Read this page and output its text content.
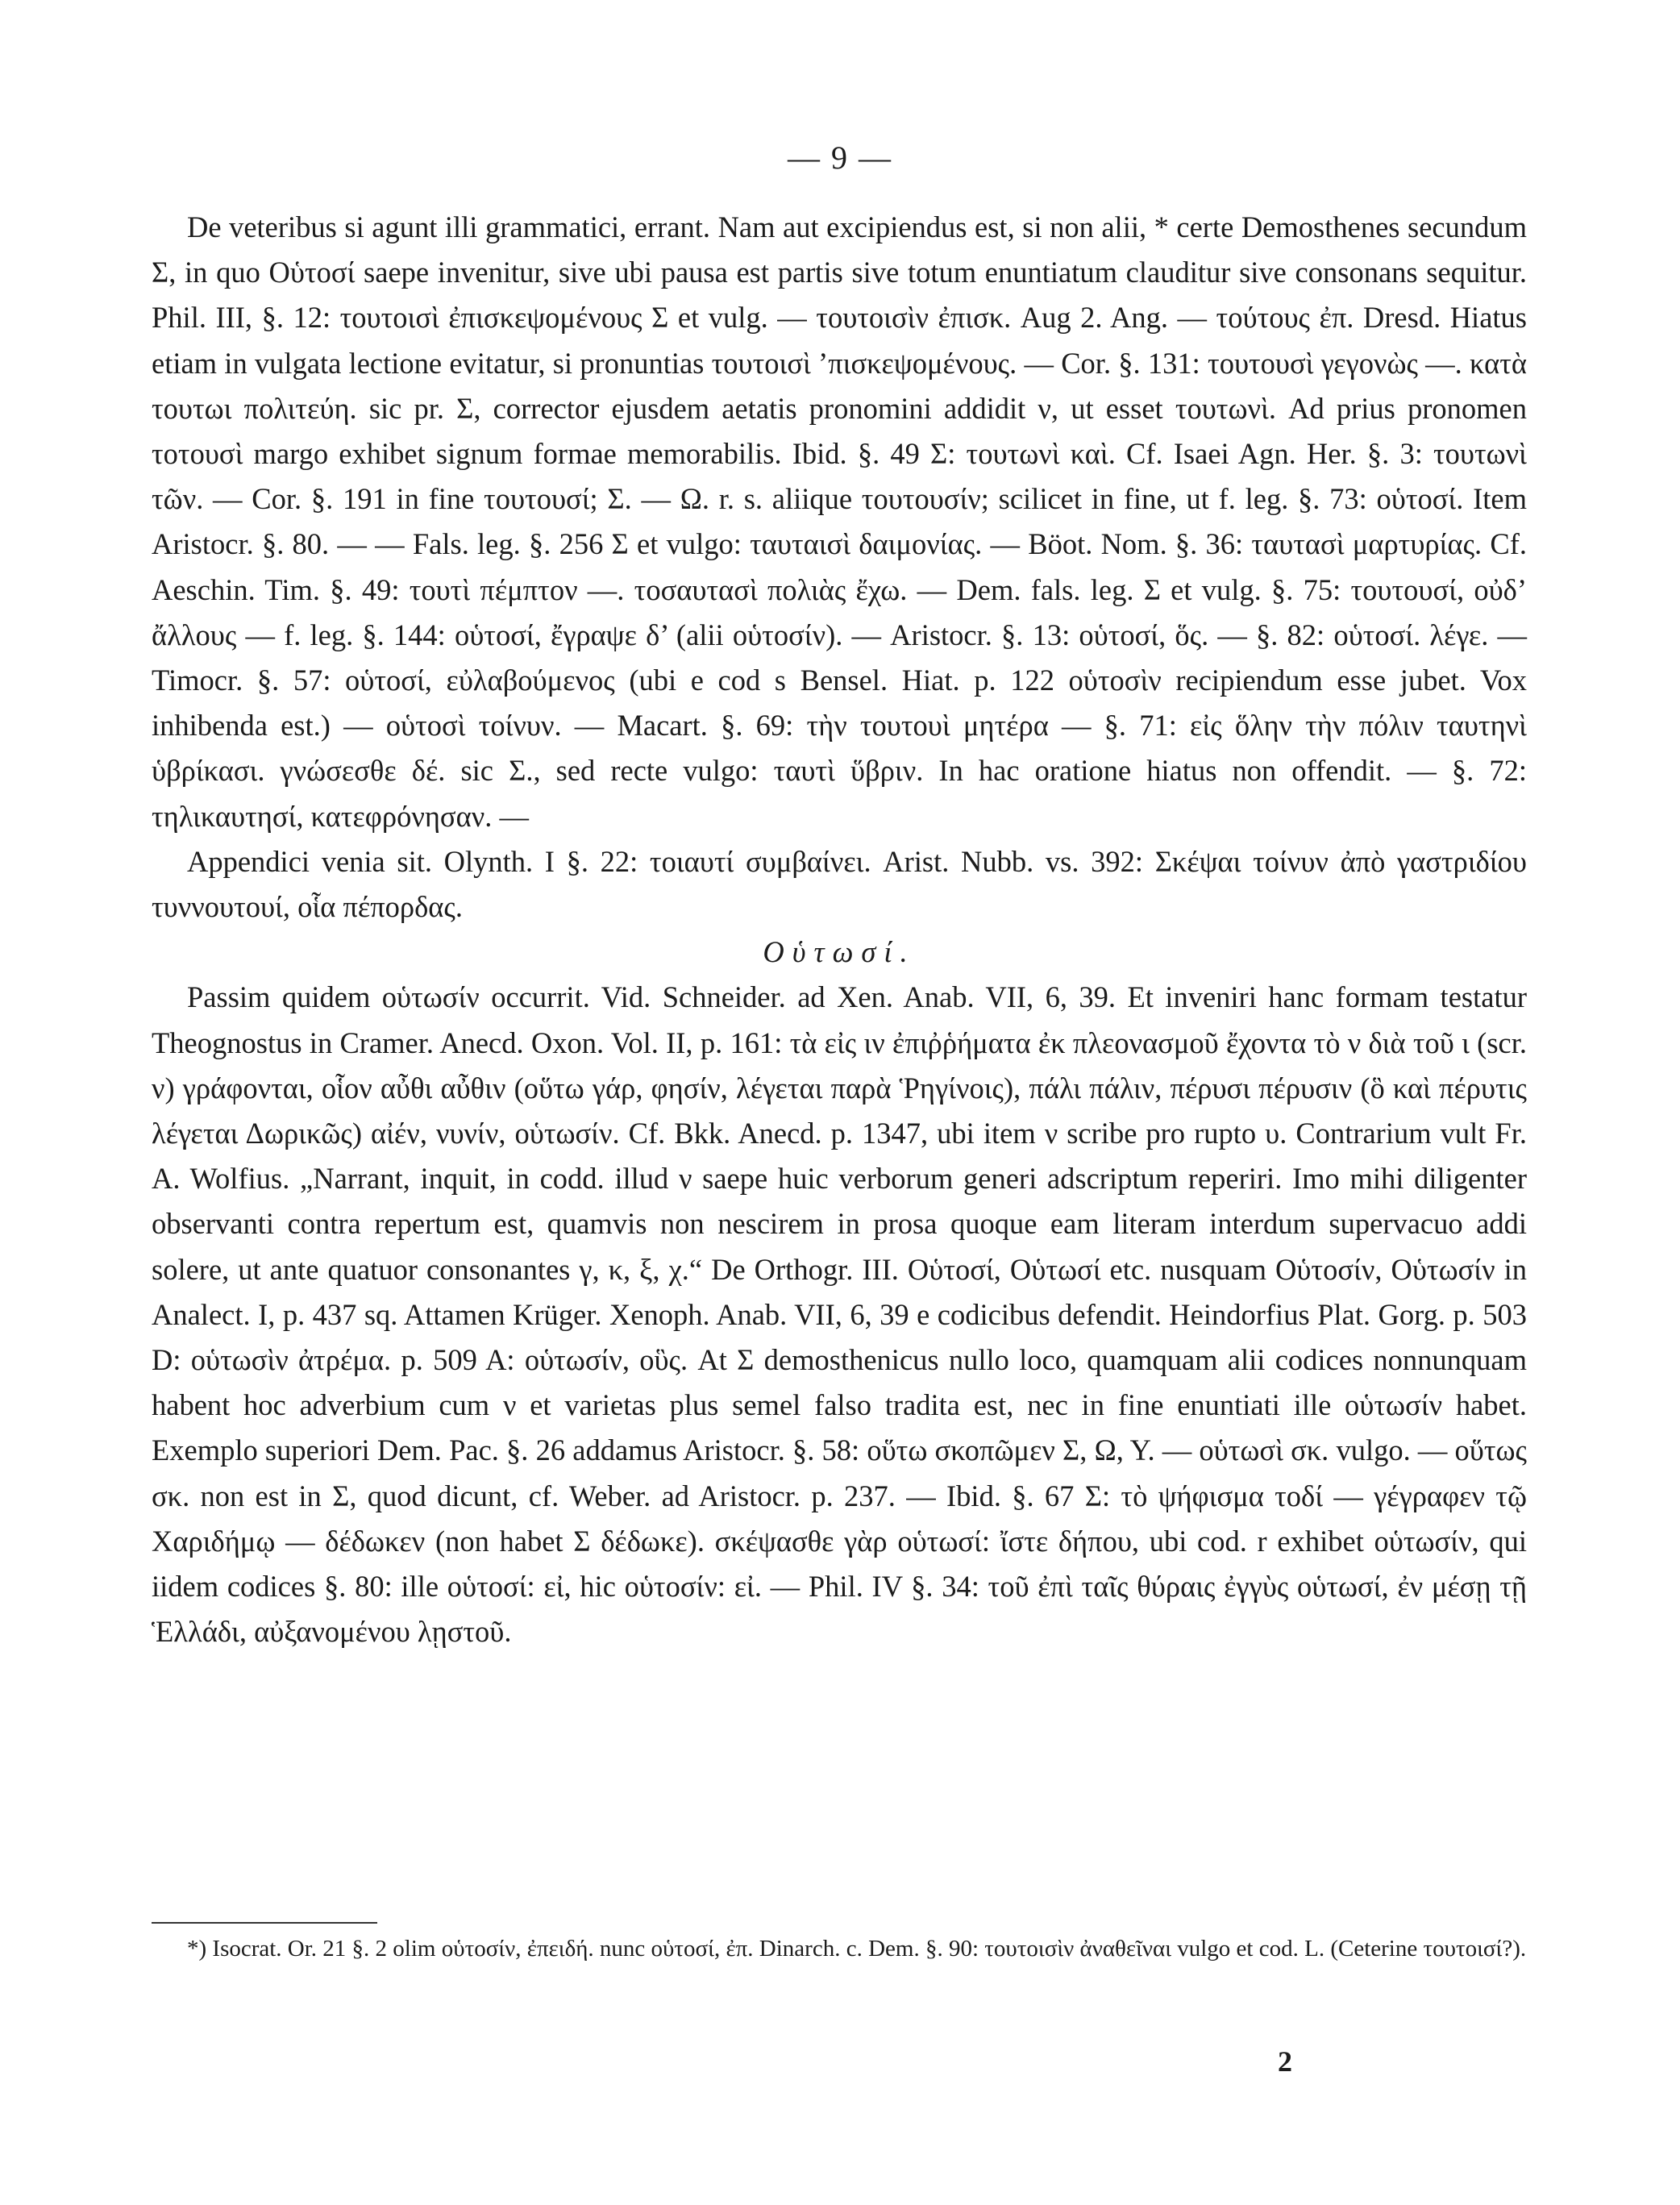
— 9 —

De veteribus si agunt illi grammatici, errant. Nam aut excipiendus est, si non alii, * certe Demosthenes secundum Σ, in quo Οὑτοσί saepe invenitur, sive ubi pausa est partis sive totum enuntiatum clauditur sive consonans sequitur. Phil. III, §. 12: τουτοισὶ ἐπισκεψομένους Σ et vulg. — τουτοισὶν ἐπισκ. Aug 2. Ang. — τούτους ἐπ. Dresd. Hiatus etiam in vulgata lectione evitatur, si pronuntias τουτοισὶ ’πισκεψομένους. — Cor. §. 131: τουτουσὶ γεγονὼς —. κατὰ τουτωι πολιτεύη. sic pr. Σ, corrector ejusdem aetatis pronomini addidit ν, ut esset τουτωνὶ. Ad prius pronomen τοτουσὶ margo exhibet signum formae memorabilis. Ibid. §. 49 Σ: τουτωνὶ καὶ. Cf. Isaei Agn. Her. §. 3: τουτωνὶ τῶν. — Cor. §. 191 in fine τουτουσί; Σ. — Ω. r. s. aliique τουτουσίν; scilicet in fine, ut f. leg. §. 73: οὑτοσί. Item Aristocr. §. 80. — — Fals. leg. §. 256 Σ et vulgo: ταυταισὶ δαιμονίας. — Böot. Nom. §. 36: ταυτασὶ μαρτυρίας. Cf. Aeschin. Tim. §. 49: τουτὶ πέμπτον —. τοσαυτασὶ πολιὰς ἔχω. — Dem. fals. leg. Σ et vulg. §. 75: τουτουσί, οὐδ’ ἄλλους — f. leg. §. 144: οὑτοσί, ἔγραψε δ’ (alii οὑτοσίν). — Aristocr. §. 13: οὑτοσί, ὅς. — §. 82: οὑτοσί. λέγε. — Timocr. §. 57: οὑτοσί, εὐλαβούμενος (ubi e cod s Bensel. Hiat. p. 122 οὑτοσὶν recipiendum esse jubet. Vox inhibenda est.) — οὑτοσὶ τοίνυν. — Macart. §. 69: τὴν τουτουὶ μητέρα — §. 71: εἰς ὅλην τὴν πόλιν ταυτηνὶ ὑβρίκασι. γνώσεσθε δέ. sic Σ., sed recte vulgo: ταυτὶ ὕβριν. In hac oratione hiatus non offendit. — §. 72: τηλικαυτησί, κατεφρόνησαν. —

Appendici venia sit. Olynth. I §. 22: τοιαυτί συμβαίνει. Arist. Nubb. vs. 392: Σκέψαι τοίνυν ἀπὸ γαστριδίου τυννουτουί, οἷα πέπορδας.

Οὑτωσί.

Passim quidem οὑτωσίν occurrit. Vid. Schneider. ad Xen. Anab. VII, 6, 39. Et inveniri hanc formam testatur Theognostus in Cramer. Anecd. Oxon. Vol. II, p. 161: τὰ εἰς ιν ἐπιῤῥήματα ἐκ πλεονασμοῦ ἔχοντα τὸ ν διὰ τοῦ ι (scr. ν) γράφονται, οἷον αὖθι αὖθιν (οὕτω γάρ, φησίν, λέγεται παρὰ Ῥηγίνοις), πάλι πάλιν, πέρυσι πέρυσιν (ὃ καὶ πέρυτις λέγεται Δωρικῶς) αἰέν, νυνίν, οὑτωσίν. Cf. Bkk. Anecd. p. 1347, ubi item ν scribe pro rupto υ. Contrarium vult Fr. A. Wolfius. „Narrant, inquit, in codd. illud ν saepe huic verborum generi adscriptum reperiri. Imo mihi diligenter observanti contra repertum est, quamvis non nescirem in prosa quoque eam literam interdum supervacuo addi solere, ut ante quatuor consonantes γ, κ, ξ, χ.“ De Orthogr. III. Οὑτοσί, Οὑτωσί etc. nusquam Οὑτοσίν, Οὑτωσίν in Analect. I, p. 437 sq. Attamen Krüger. Xenoph. Anab. VII, 6, 39 e codicibus defendit. Heindorfius Plat. Gorg. p. 503 D: οὑτωσὶν ἀτρέμα. p. 509 A: οὑτωσίν, οὓς. At Σ demosthenicus nullo loco, quamquam alii codices nonnunquam habent hoc adverbium cum ν et varietas plus semel falso tradita est, nec in fine enuntiati ille οὑτωσίν habet. Exemplo superiori Dem. Pac. §. 26 addamus Aristocr. §. 58: οὕτω σκοπῶμεν Σ, Ω, Υ. — οὑτωσὶ σκ. vulgo. — οὕτως σκ. non est in Σ, quod dicunt, cf. Weber. ad Aristocr. p. 237. — Ibid. §. 67 Σ: τὸ ψήφισμα τοδί — γέγραφεν τῷ Χαριδήμῳ — δέδωκεν (non habet Σ δέδωκε). σκέψασθε γὰρ οὑτωσί: ἴστε δήπου, ubi cod. r exhibet οὑτωσίν, qui iidem codices §. 80: ille οὑτοσί: εἰ, hic οὑτοσίν: εἰ. — Phil. IV §. 34: τοῦ ἐπὶ ταῖς θύραις ἐγγὺς οὑτωσί, ἐν μέσῃ τῇ Ἑλλάδι, αὐξανομένου λῃστοῦ.

*) Isocrat. Or. 21 §. 2 olim οὑτοσίν, ἐπειδή. nunc οὑτοσί, ἐπ. Dinarch. c. Dem. §. 90: τουτοισὶν ἀναθεῖναι vulgo et cod. L. (Ceterine τουτοισί?).
2
